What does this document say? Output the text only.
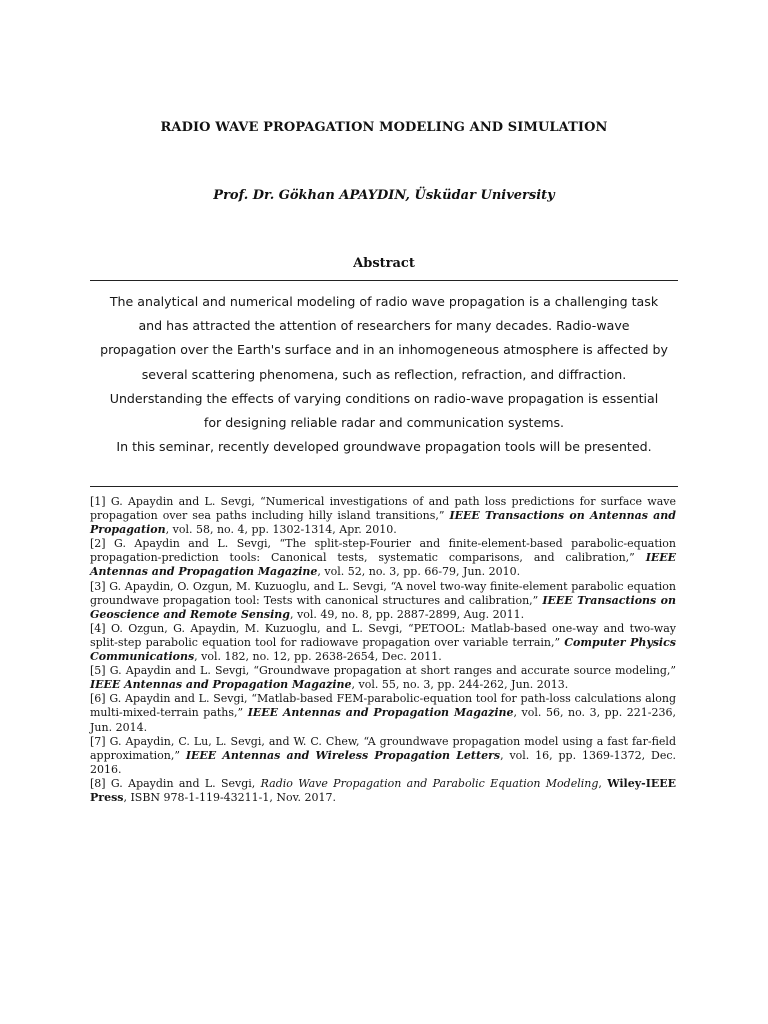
RADIO WAVE PROPAGATION MODELING AND SIMULATION
Prof. Dr. Gökhan APAYDIN, Üsküdar University
Abstract

The analytical and numerical modeling of radio wave propagation is a challenging task

and has attracted the attention of researchers for many decades. Radio-wave

propagation over the Earth's surface and in an inhomogeneous atmosphere is affected by

several scattering phenomena, such as reflection, refraction, and diffraction.

Understanding the effects of varying conditions on radio-wave propagation is essential

for designing reliable radar and communication systems.

In this seminar, recently developed groundwave propagation tools will be presented.

[1] G. Apaydin and L. Sevgi, “Numerical investigations of and path loss predictions for surface wave propagation over sea paths including hilly island transitions,” IEEE Transactions on Antennas and Propagation, vol. 58, no. 4, pp. 1302-1314, Apr. 2010.

[2] G. Apaydin and L. Sevgi, “The split-step-Fourier and finite-element-based parabolic-equation propagation-prediction tools: Canonical tests, systematic comparisons, and calibration,” IEEE Antennas and Propagation Magazine, vol. 52, no. 3, pp. 66-79, Jun. 2010.

[3] G. Apaydin, O. Ozgun, M. Kuzuoglu, and L. Sevgi, “A novel two-way finite-element parabolic equation groundwave propagation tool: Tests with canonical structures and calibration,” IEEE Transactions on Geoscience and Remote Sensing, vol. 49, no. 8, pp. 2887-2899, Aug. 2011.

[4] O. Ozgun, G. Apaydin, M. Kuzuoglu, and L. Sevgi, “PETOOL: Matlab-based one-way and two-way split-step parabolic equation tool for radiowave propagation over variable terrain,” Computer Physics Communications, vol. 182, no. 12, pp. 2638-2654, Dec. 2011.

[5] G. Apaydin and L. Sevgi, “Groundwave propagation at short ranges and accurate source modeling,” IEEE Antennas and Propagation Magazine, vol. 55, no. 3, pp. 244-262, Jun. 2013.

[6] G. Apaydin and L. Sevgi, “Matlab-based FEM-parabolic-equation tool for path-loss calculations along multi-mixed-terrain paths,” IEEE Antennas and Propagation Magazine, vol. 56, no. 3, pp. 221-236, Jun. 2014.

[7] G. Apaydin, C. Lu, L. Sevgi, and W. C. Chew, “A groundwave propagation model using a fast far-field approximation,” IEEE Antennas and Wireless Propagation Letters, vol. 16, pp. 1369-1372, Dec. 2016.

[8] G. Apaydin and L. Sevgi, Radio Wave Propagation and Parabolic Equation Modeling, Wiley-IEEE Press, ISBN 978-1-119-43211-1, Nov. 2017.
